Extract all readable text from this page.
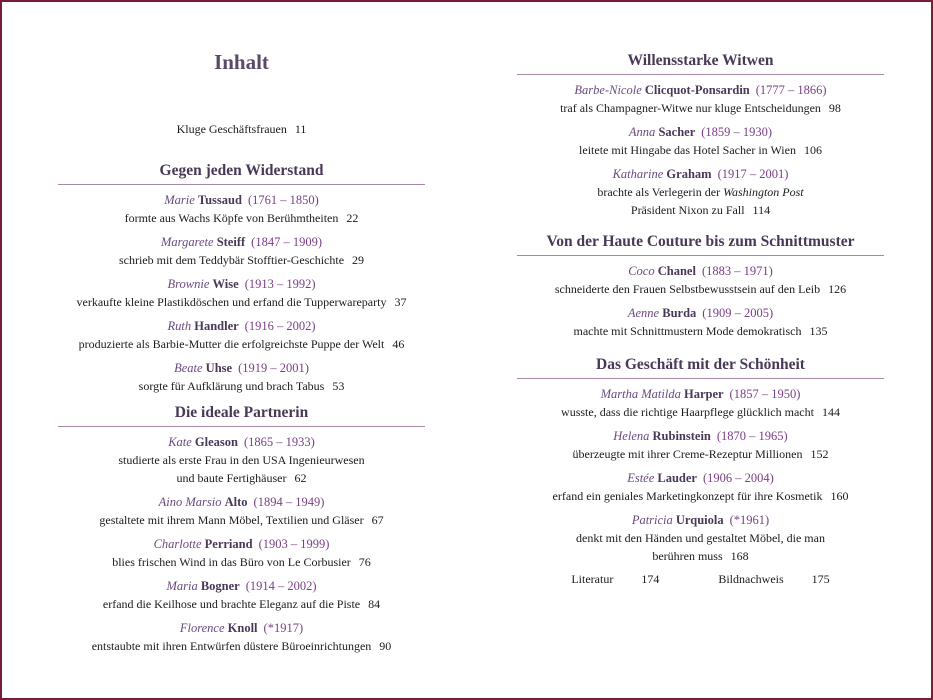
Inhalt
Kluge Geschäftsfrauen 11
Gegen jeden Widerstand
Marie Tussaud (1761 – 1850)
formte aus Wachs Köpfe von Berühmtheiten 22
Margarete Steiff (1847 – 1909)
schrieb mit dem Teddybär Stofftier-Geschichte 29
Brownie Wise (1913 – 1992)
verkaufte kleine Plastikdöschen und erfand die Tupperwareparty 37
Ruth Handler (1916 – 2002)
produzierte als Barbie-Mutter die erfolgreichste Puppe der Welt 46
Beate Uhse (1919 – 2001)
sorgte für Aufklärung und brach Tabus 53
Die ideale Partnerin
Kate Gleason (1865 – 1933)
studierte als erste Frau in den USA Ingenieurwesen
und baute Fertighäuser 62
Aino Marsio Alto (1894 – 1949)
gestaltete mit ihrem Mann Möbel, Textilien und Gläser 67
Charlotte Perriand (1903 – 1999)
blies frischen Wind in das Büro von Le Corbusier 76
Maria Bogner (1914 – 2002)
erfand die Keilhose und brachte Eleganz auf die Piste 84
Florence Knoll (*1917)
entstaubte mit ihren Entwürfen düstere Büroeinrichtungen 90
Willensstarke Witwen
Barbe-Nicole Clicquot-Ponsardin (1777 – 1866)
traf als Champagner-Witwe nur kluge Entscheidungen 98
Anna Sacher (1859 – 1930)
leitete mit Hingabe das Hotel Sacher in Wien 106
Katharine Graham (1917 – 2001)
brachte als Verlegerin der Washington Post
Präsident Nixon zu Fall 114
Von der Haute Couture bis zum Schnittmuster
Coco Chanel (1883 – 1971)
schneiderte den Frauen Selbstbewusstsein auf den Leib 126
Aenne Burda (1909 – 2005)
machte mit Schnittmustern Mode demokratisch 135
Das Geschäft mit der Schönheit
Martha Matilda Harper (1857 – 1950)
wusste, dass die richtige Haarpflege glücklich macht 144
Helena Rubinstein (1870 – 1965)
überzeugte mit ihrer Creme-Rezeptur Millionen 152
Estée Lauder (1906 – 2004)
erfand ein geniales Marketingkonzept für ihre Kosmetik 160
Patricia Urquiola (*1961)
denkt mit den Händen und gestaltet Möbel, die man
berühren muss 168
Literatur 174	Bildnachweis 175
